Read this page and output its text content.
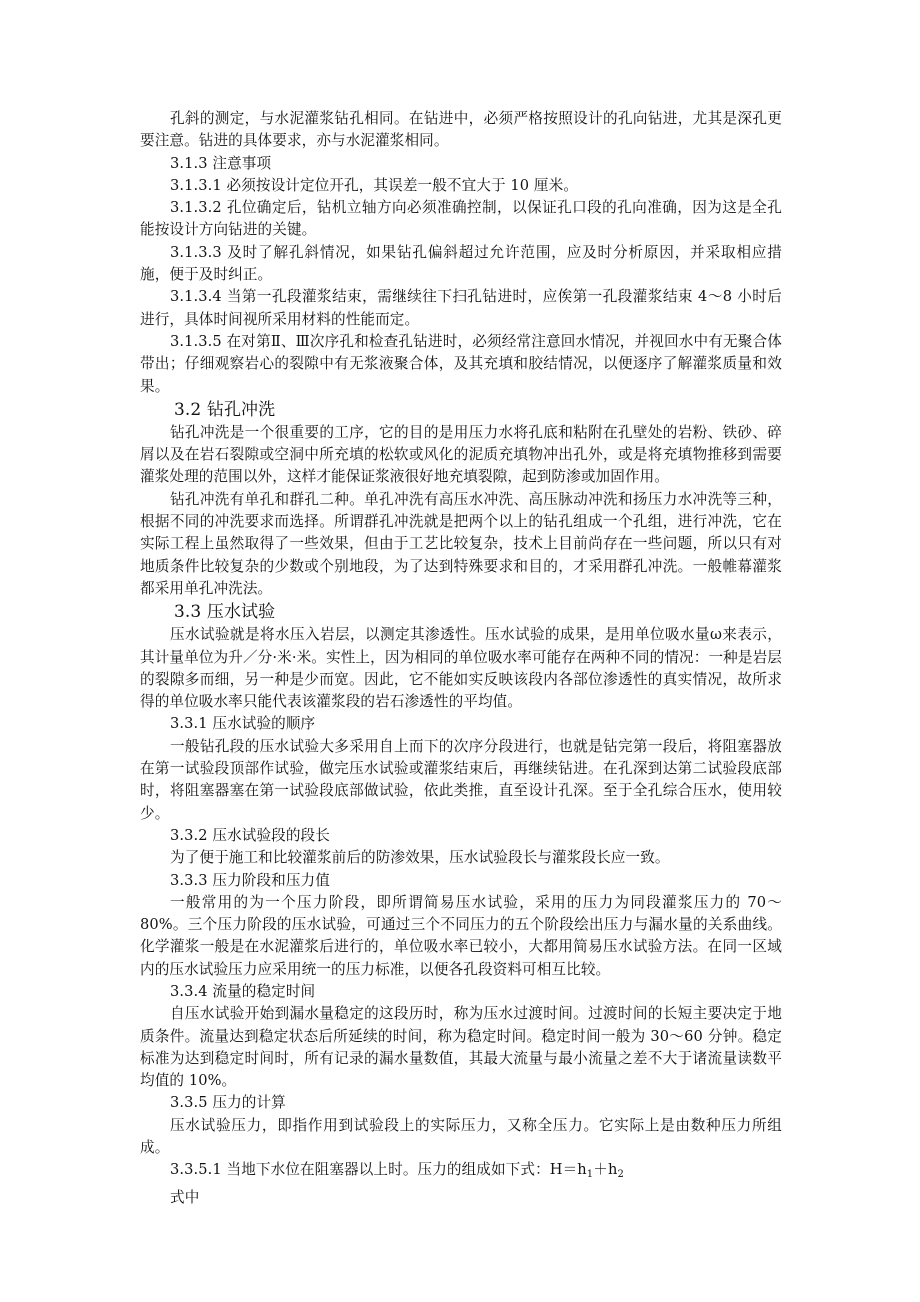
孔斜的测定，与水泥灌浆钻孔相同。在钻进中，必须严格按照设计的孔向钻进，尤其是深孔更要注意。钻进的具体要求，亦与水泥灌浆相同。

3.1.3 注意事项

3.1.3.1 必须按设计定位开孔，其误差一般不宜大于 10 厘米。

3.1.3.2 孔位确定后，钻机立轴方向必须准确控制，以保证孔口段的孔向准确，因为这是全孔能按设计方向钻进的关键。

3.1.3.3 及时了解孔斜情况，如果钻孔偏斜超过允许范围，应及时分析原因，并采取相应措施，便于及时纠正。

3.1.3.4 当第一孔段灌浆结束，需继续往下扫孔钻进时，应俟第一孔段灌浆结束 4～8 小时后进行，具体时间视所采用材料的性能而定。

3.1.3.5 在对第Ⅱ、Ⅲ次序孔和检查孔钻进时，必须经常注意回水情况，并视回水中有无聚合体带出；仔细观察岩心的裂隙中有无浆液聚合体，及其充填和胶结情况，以便逐序了解灌浆质量和效果。

3.2 钻孔冲洗

钻孔冲洗是一个很重要的工序，它的目的是用压力水将孔底和粘附在孔壁处的岩粉、铁砂、碎屑以及在岩石裂隙或空洞中所充填的松软或风化的泥质充填物冲出孔外，或是将充填物推移到需要灌浆处理的范围以外，这样才能保证浆液很好地充填裂隙，起到防渗或加固作用。

钻孔冲洗有单孔和群孔二种。单孔冲洗有高压水冲洗、高压脉动冲洗和扬压力水冲洗等三种，根据不同的冲洗要求而选择。所谓群孔冲洗就是把两个以上的钻孔组成一个孔组，进行冲洗，它在实际工程上虽然取得了一些效果，但由于工艺比较复杂，技术上目前尚存在一些问题，所以只有对地质条件比较复杂的少数或个别地段，为了达到特殊要求和目的，才采用群孔冲洗。一般帷幕灌浆都采用单孔冲洗法。

3.3 压水试验

压水试验就是将水压入岩层，以测定其渗透性。压水试验的成果，是用单位吸水量ω来表示，其计量单位为升／分·米·米。实性上，因为相同的单位吸水率可能存在两种不同的情况：一种是岩层的裂隙多而细，另一种是少而宽。因此，它不能如实反映该段内各部位渗透性的真实情况，故所求得的单位吸水率只能代表该灌浆段的岩石渗透性的平均值。

3.3.1 压水试验的顺序

一般钻孔段的压水试验大多采用自上而下的次序分段进行，也就是钻完第一段后，将阻塞器放在第一试验段顶部作试验，做完压水试验或灌浆结束后，再继续钻进。在孔深到达第二试验段底部时，将阻塞器塞在第一试验段底部做试验，依此类推，直至设计孔深。至于全孔综合压水，使用较少。

3.3.2 压水试验段的段长

为了便于施工和比较灌浆前后的防渗效果，压水试验段长与灌浆段长应一致。

3.3.3 压力阶段和压力值

一般常用的为一个压力阶段，即所谓简易压水试验，采用的压力为同段灌浆压力的 70～80%。三个压力阶段的压水试验，可通过三个不同压力的五个阶段绘出压力与漏水量的关系曲线。化学灌浆一般是在水泥灌浆后进行的，单位吸水率已较小，大都用简易压水试验方法。在同一区域内的压水试验压力应采用统一的压力标准，以便各孔段资料可相互比较。

3.3.4 流量的稳定时间

自压水试验开始到漏水量稳定的这段历时，称为压水过渡时间。过渡时间的长短主要决定于地质条件。流量达到稳定状态后所延续的时间，称为稳定时间。稳定时间一般为 30～60 分钟。稳定标准为达到稳定时间时，所有记录的漏水量数值，其最大流量与最小流量之差不大于诸流量读数平均值的 10%。

3.3.5 压力的计算

压水试验压力，即指作用到试验段上的实际压力，又称全压力。它实际上是由数种压力所组成。

3.3.5.1 当地下水位在阻塞器以上时。压力的组成如下式：$H=h_1+h_2$

式中
